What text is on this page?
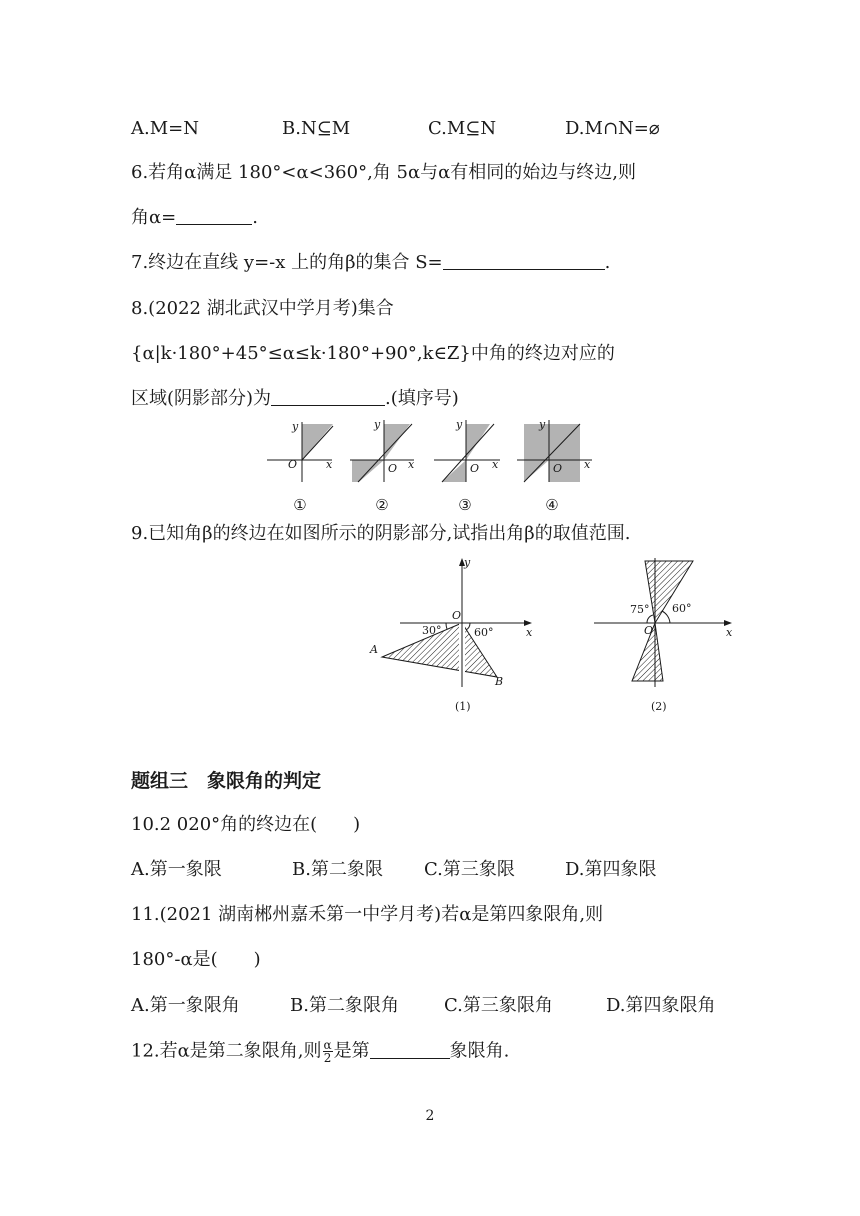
A.M=N	B.N⊆M	C.M⊆N	D.M∩N=⌀
6.若角α满足 180°<α<360°,角 5α与α有相同的始边与终边,则
角α=	.
7.终边在直线 y=-x 上的角β的集合 S=	.
8.(2022 湖北武汉中学月考)集合
{α|k·180°+45°≤α≤k·180°+90°,k∈Z}中角的终边对应的
区域(阴影部分)为	.(填序号)
y
x
O
y
x
O
y
x
O
y
x
O
①	②	③	④
9.已知角β的终边在如图所示的阴影部分,试指出角β的取值范围.
y
x
O
30°	60°
A
B
(1)
x
O
75° 60°
(2)
题组三　象限角的判定
10.2 020°角的终边在(　　)
A.第一象限	B.第二象限 C.第三象限	D.第四象限
11.(2021 湖南郴州嘉禾第一中学月考)若α是第四象限角,则
180°-α是(　　)
A.第一象限角	B.第二象限角	C.第三象限角	D.第四象限角
12.若α是第二象限角,则 $\frac{\alpha}{2}$ 是第	象限角.
2
